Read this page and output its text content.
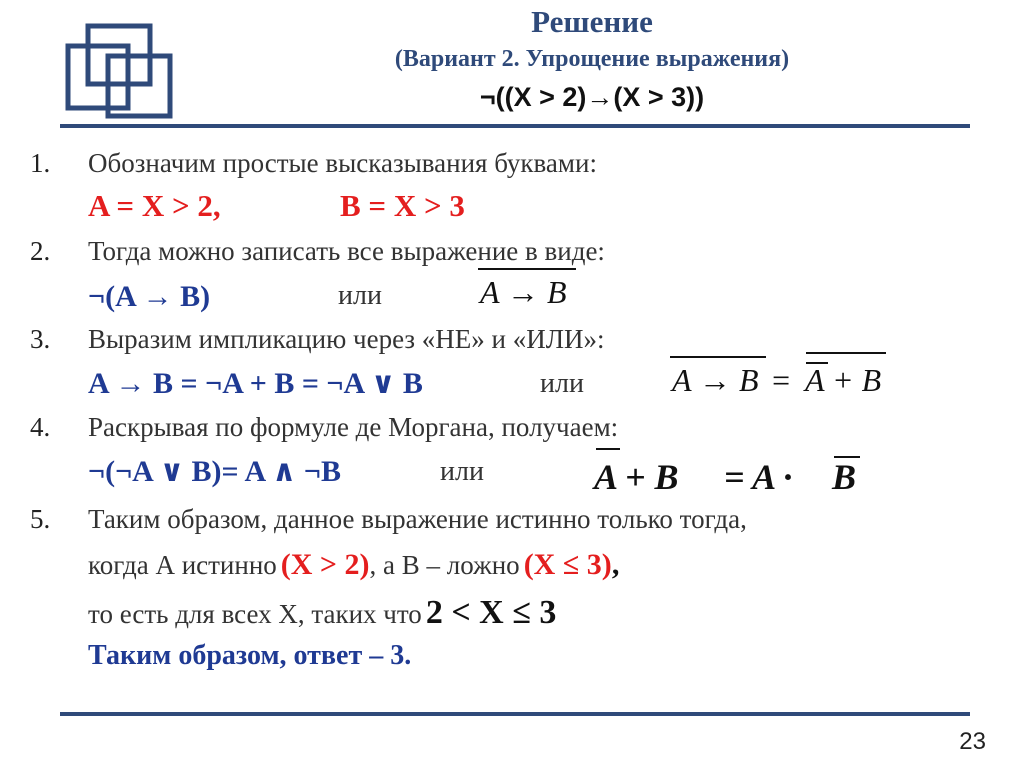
Решение
(Вариант 2. Упрощение выражения)
¬((X > 2)→(X > 3))
1. Обозначим простые высказывания буквами:
A = X > 2,	B = X > 3
2. Тогда можно записать все выражение в виде:
¬(A → B)	или	A → B
3. Выразим импликацию через «НЕ» и «ИЛИ»:
A → B = ¬A + B = ¬A ∨ B	или	A → B = A + B
4. Раскрывая по формуле де Моргана, получаем:
¬(¬A ∨ B)= A ∧ ¬B	или	A + B = A · B
5. Таким образом, данное выражение истинно только тогда,
когда А истинно (X > 2), а В – ложно (X ≤ 3),
то есть для всех X, таких что 2 < X ≤ 3
Таким образом, ответ – 3.
23
